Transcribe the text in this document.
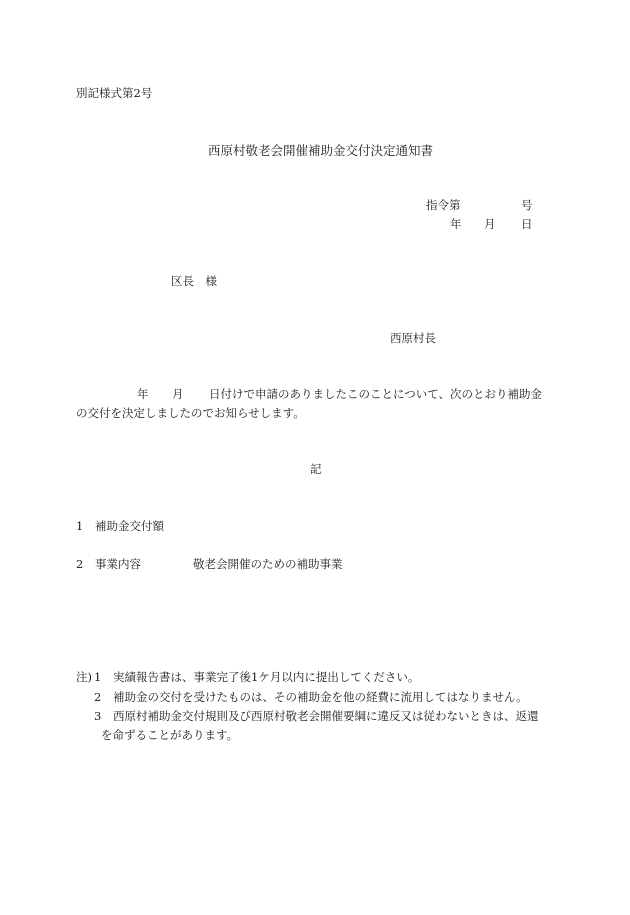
別記様式第2号
西原村敬老会開催補助金交付決定通知書
指令第	号
年 月 日
区長　様
西原村長
年 月 日付けで申請のありましたこのことについて、次のとおり補助金
の交付を決定しましたのでお知らせします。
記
1 補助金交付額
2 事業内容	敬老会開催のための補助事業
注) 1 実績報告書は、事業完了後1ケ月以内に提出してください。
2 補助金の交付を受けたものは、その補助金を他の経費に流用してはなりません。
3 西原村補助金交付規則及び西原村敬老会開催要綱に違反又は従わないときは、返還
を命ずることがあります。
